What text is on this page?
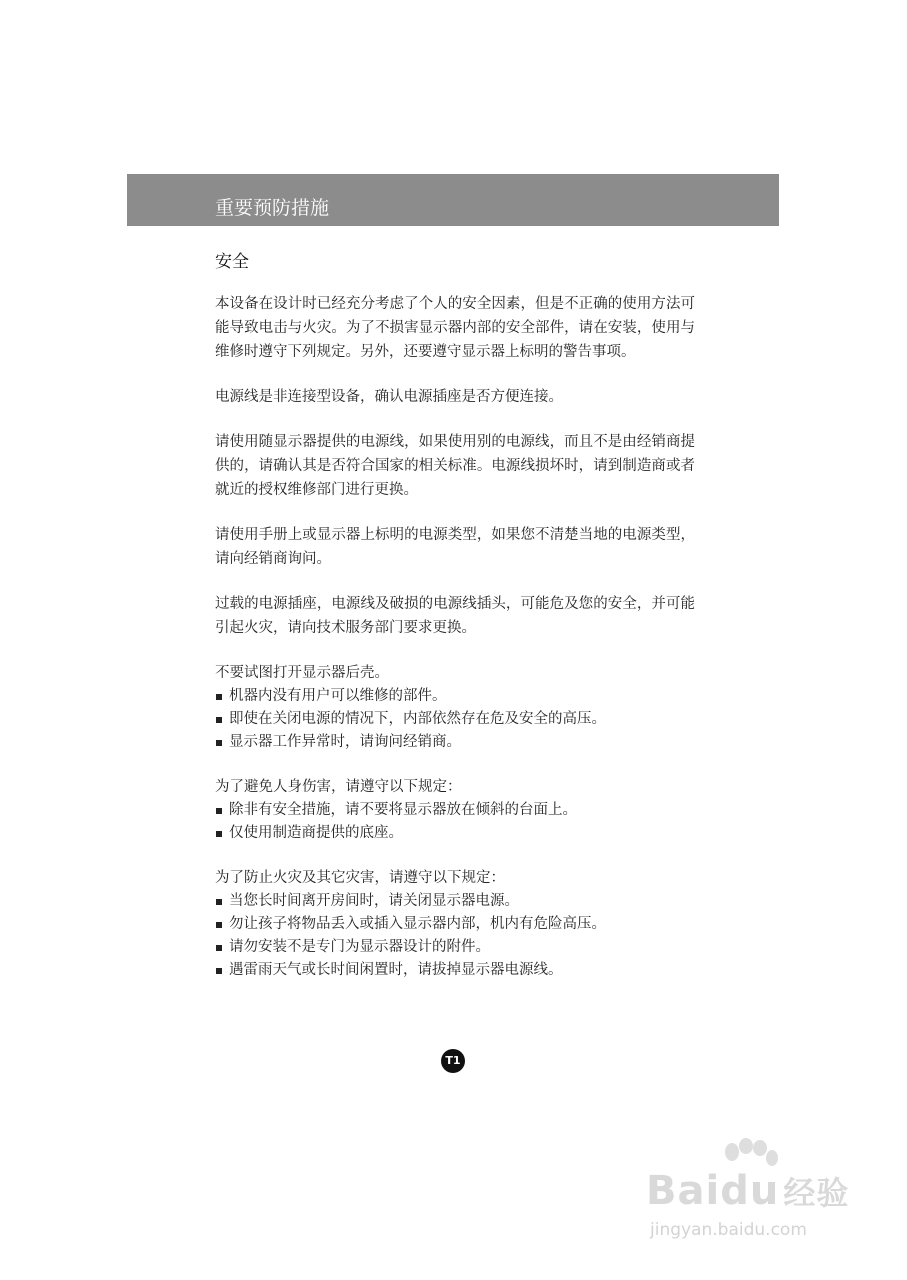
重要预防措施
安全

本设备在设计时已经充分考虑了个人的安全因素，但是不正确的使用方法可能导致电击与火灾。为了不损害显示器内部的安全部件，请在安装，使用与维修时遵守下列规定。另外，还要遵守显示器上标明的警告事项。

电源线是非连接型设备，确认电源插座是否方便连接。

请使用随显示器提供的电源线，如果使用别的电源线，而且不是由经销商提供的，请确认其是否符合国家的相关标准。电源线损坏时，请到制造商或者就近的授权维修部门进行更换。

请使用手册上或显示器上标明的电源类型，如果您不清楚当地的电源类型，请向经销商询问。

过载的电源插座，电源线及破损的电源线插头，可能危及您的安全，并可能引起火灾，请向技术服务部门要求更换。

不要试图打开显示器后壳。

机器内没有用户可以维修的部件。
即使在关闭电源的情况下，内部依然存在危及安全的高压。
显示器工作异常时，请询问经销商。

为了避免人身伤害，请遵守以下规定：

除非有安全措施，请不要将显示器放在倾斜的台面上。
仅使用制造商提供的底座。

为了防止火灾及其它灾害，请遵守以下规定：

当您长时间离开房间时，请关闭显示器电源。
勿让孩子将物品丢入或插入显示器内部，机内有危险高压。
请勿安装不是专门为显示器设计的附件。
遇雷雨天气或长时间闲置时，请拔掉显示器电源线。
T1
Baidu 经验
jingyan.baidu.com
